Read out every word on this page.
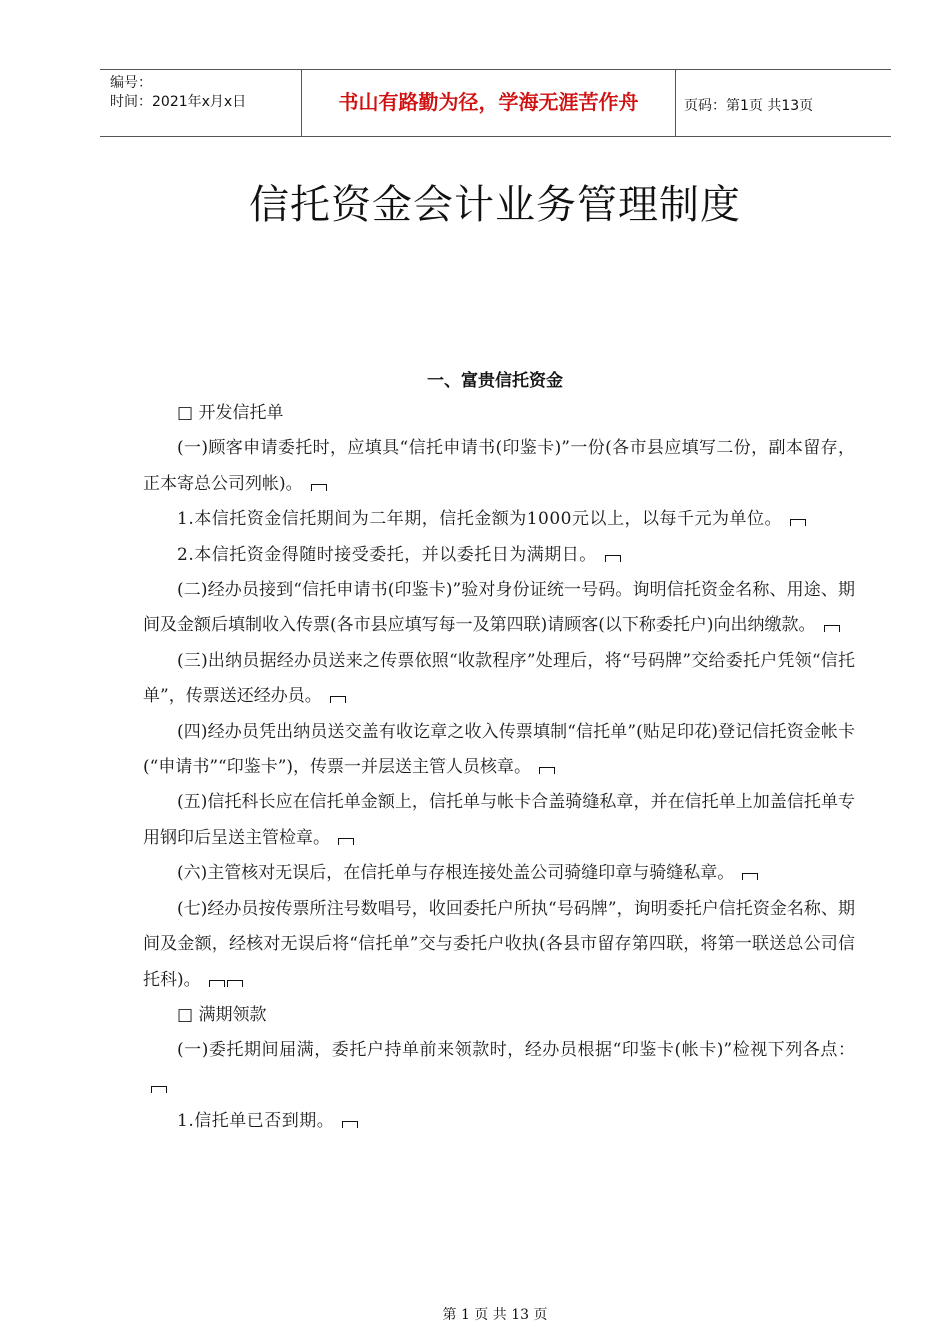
编号：
时间：2021年x月x日	书山有路勤为径，学海无涯苦作舟	页码：第1页 共13页
信托资金会计业务管理制度
一、富贵信托资金

□ 开发信托单

(一)顾客申请委托时，应填具“信托申请书(印鉴卡)”一份(各市县应填写二份，副本留存，正本寄总公司列帐)。

1.本信托资金信托期间为二年期，信托金额为1000元以上，以每千元为单位。

2.本信托资金得随时接受委托，并以委托日为满期日。

(二)经办员接到“信托申请书(印鉴卡)”验对身份证统一号码。询明信托资金名称、用途、期间及金额后填制收入传票(各市县应填写每一及第四联)请顾客(以下称委托户)向出纳缴款。

(三)出纳员据经办员送来之传票依照“收款程序”处理后，将“号码牌”交给委托户凭领“信托单”，传票送还经办员。

(四)经办员凭出纳员送交盖有收讫章之收入传票填制“信托单”(贴足印花)登记信托资金帐卡(“申请书”“印鉴卡”)，传票一并层送主管人员核章。

(五)信托科长应在信托单金额上，信托单与帐卡合盖骑缝私章，并在信托单上加盖信托单专用钢印后呈送主管检章。

(六)主管核对无误后，在信托单与存根连接处盖公司骑缝印章与骑缝私章。

(七)经办员按传票所注号数唱号，收回委托户所执“号码牌”，询明委托户信托资金名称、期间及金额，经核对无误后将“信托单”交与委托户收执(各县市留存第四联，将第一联送总公司信托科)。

□ 满期领款

(一)委托期间届满，委托户持单前来领款时，经办员根据“印鉴卡(帐卡)”检视下列各点：

1.信托单已否到期。

第 1 页 共 13 页
